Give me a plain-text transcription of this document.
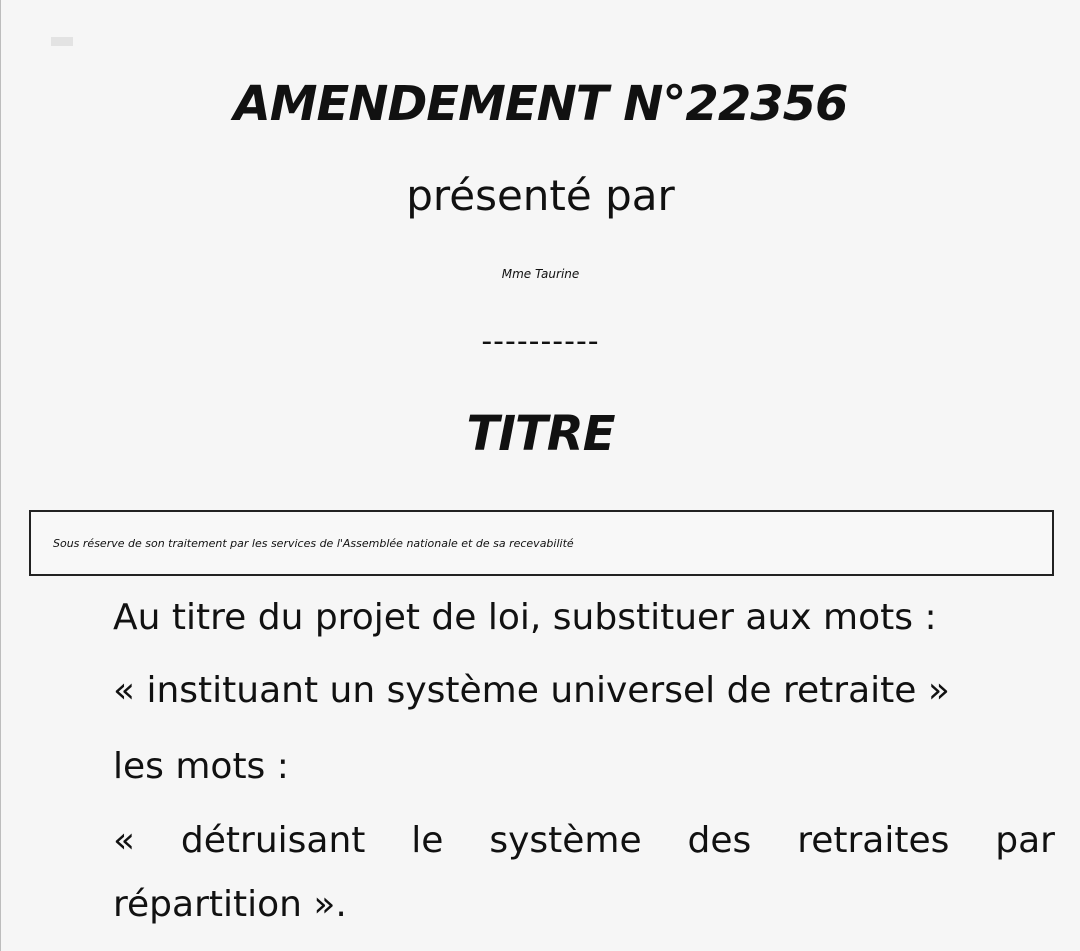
AMENDEMENT N°22356
présenté par
Mme Taurine
----------
TITRE
Sous réserve de son traitement par les services de l'Assemblée nationale et de sa recevabilité
Au titre du projet de loi, substituer aux mots :
« instituant un système universel de retraite »
les mots :
« détruisant le système des retraites par
répartition ».
